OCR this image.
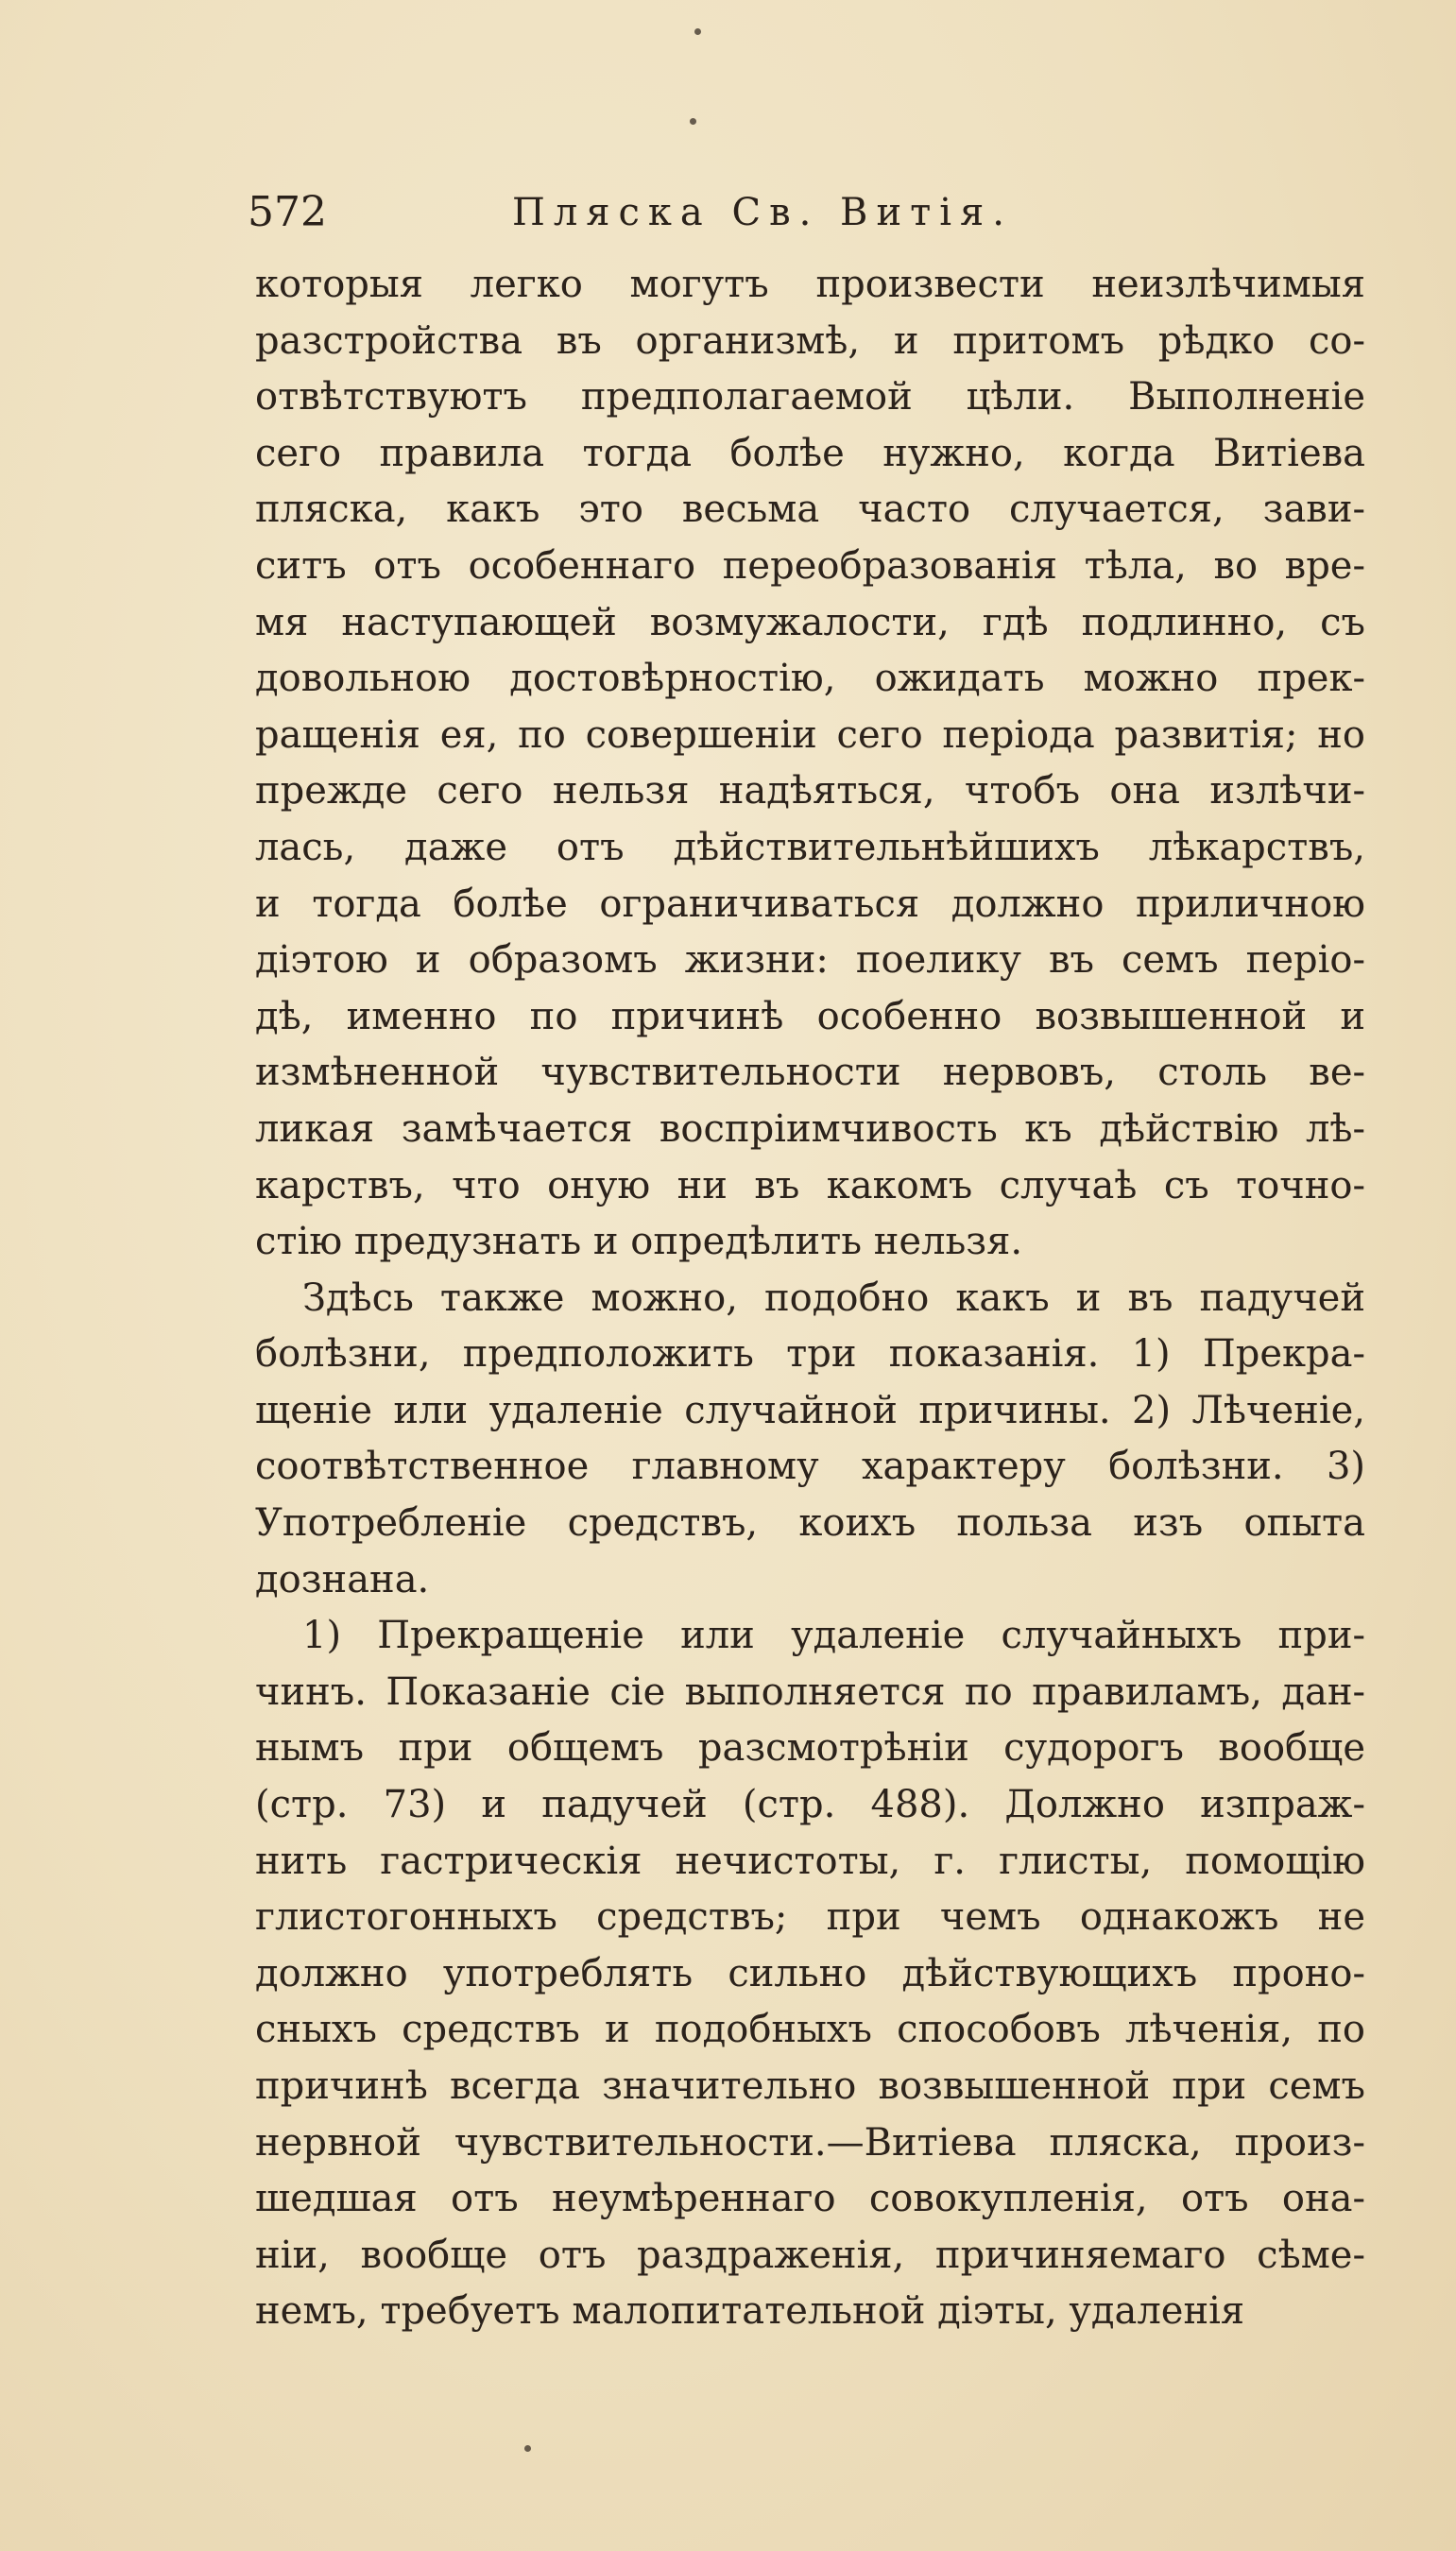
572	Пляска Св. Витія.
которыя легко могутъ произвести неизлѣчимыя
разстройства въ организмѣ, и притомъ рѣдко со-
отвѣтствуютъ предполагаемой цѣли. Выполненіе
сего правила тогда болѣе нужно, когда Витіева
пляска, какъ это весьма часто случается, зави-
ситъ отъ особеннаго переобразованія тѣла, во вре-
мя наступающей возмужалости, гдѣ подлинно, съ
довольною достовѣрностію, ожидать можно прек-
ращенія ея, по совершеніи сего періода развитія; но
прежде сего нельзя надѣяться, чтобъ она излѣчи-
лась, даже отъ дѣйствительнѣйшихъ лѣкарствъ,
и тогда болѣе ограничиваться должно приличною
діэтою и образомъ жизни: поелику въ семъ періо-
дѣ, именно по причинѣ особенно возвышенной и
измѣненной чувствительности нервовъ, столь ве-
ликая замѣчается воспріимчивость къ дѣйствію лѣ-
карствъ, что оную ни въ какомъ случаѣ съ точно-
стію предузнать и опредѣлить нельзя.
Здѣсь также можно, подобно какъ и въ падучей
болѣзни, предположить три показанія. 1) Прекра-
щеніе или удаленіе случайной причины. 2) Лѣченіе,
соотвѣтственное главному характеру болѣзни. 3)
Употребленіе средствъ, коихъ польза изъ опыта
дознана.
1) Прекращеніе или удаленіе случайныхъ при-
чинъ. Показаніе сіе выполняется по правиламъ, дан-
нымъ при общемъ разсмотрѣніи судорогъ вообще
(стр. 73) и падучей (стр. 488). Должно изпраж-
нить гастрическія нечистоты, г. глисты, помощію
глистогонныхъ средствъ; при чемъ однакожъ не
должно употреблять сильно дѣйствующихъ проно-
сныхъ средствъ и подобныхъ способовъ лѣченія, по
причинѣ всегда значительно возвышенной при семъ
нервной чувствительности.—Витіева пляска, произ-
шедшая отъ неумѣреннаго совокупленія, отъ она-
ніи, вообще отъ раздраженія, причиняемаго сѣме-
немъ, требуетъ малопитательной діэты, удаленія
